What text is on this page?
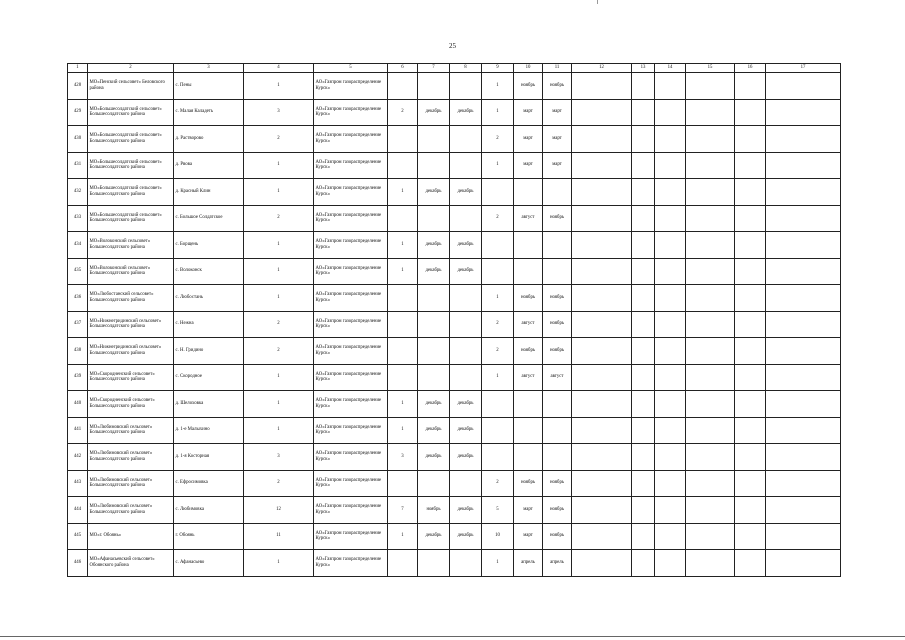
25
1	2	3	4	5	6	7	8	9	10	11	12	13	14	15	16	17
428	МО«Пенский сельсовет» Беловского района	с. Пены	1	АО«Газпром газораспределение Курск»				1	ноябрь	ноябрь						
429	МО«Большесолдатский сельсовет» Большесолдатского района	с. Малая Каладеть	3	АО«Газпром газораспределение Курск»	2	декабрь	декабрь	1	март	март						
430	МО«Большесолдатский сельсовет» Большесолдатского района	д. Растворово	2	АО«Газпром газораспределение Курск»				2	март	март						
431	МО«Большесолдатский сельсовет» Большесолдатского района	д. Рвова	1	АО«Газпром газораспределение Курск»				1	март	март						
432	МО«Большесолдатский сельсовет» Большесолдатского района	д. Красный Клин	1	АО«Газпром газораспределение Курск»	1	декабрь	декабрь									
433	МО«Большесолдатский сельсовет» Большесолдатского района	с. Большое Солдатское	2	АО«Газпром газораспределение Курск»				2	август	ноябрь						
434	МО«Волоконский сельсовет» Большесолдатского района	с. Борщень	1	АО«Газпром газораспределение Курск»	1	декабрь	декабрь									
435	МО«Волоконский сельсовет» Большесолдатского района	с. Волоконск	1	АО«Газпром газораспределение Курск»	1	декабрь	декабрь									
436	МО«Любостанский сельсовет» Большесолдатского района	с. Любостань	1	АО«Газпром газораспределение Курск»				1	ноябрь	ноябрь						
437	МО«Нижнегридинский сельсовет» Большесолдатского района	с. Нежна	2	АО«Газпром газораспределение Курск»				2	август	ноябрь						
438	МО«Нижнегридинский сельсовет» Большесолдатского района	с. Н. Гридино	2	АО«Газпром газораспределение Курск»				2	ноябрь	ноябрь						
439	МО«Скородненский сельсовет» Большесолдатского района	с. Скородное	1	АО«Газпром газораспределение Курск»				1	август	август						
440	МО«Скородненский сельсовет» Большесолдатского района	д. Шелоховка	1	АО«Газпром газораспределение Курск»	1	декабрь	декабрь									
441	МО«Любимовский сельсовет» Большесолдатского района	д. 1-е Малыхино	1	АО«Газпром газораспределение Курск»	1	декабрь	декабрь									
442	МО«Любимовский сельсовет» Большесолдатского района	д. 1-я Косторная	3	АО«Газпром газораспределение Курск»	3	декабрь	декабрь									
443	МО«Любимовский сельсовет» Большесолдатского района	с. Ефросимовка	2	АО«Газпром газораспределение Курск»				2	ноябрь	ноябрь						
444	МО«Любимовский сельсовет» Большесолдатского района	с. Любимовка	12	АО«Газпром газораспределение Курск»	7	ноябрь	декабрь	5	март	ноябрь						
445	МО«г. Обоянь»	г. Обоянь	11	АО«Газпром газораспределение Курск»	1	декабрь	декабрь	10	март	ноябрь						
446	МО«Афанасьевский сельсовет» Обоянского района	с. Афанасьево	1	АО«Газпром газораспределение Курск»				1	апрель	апрель						
